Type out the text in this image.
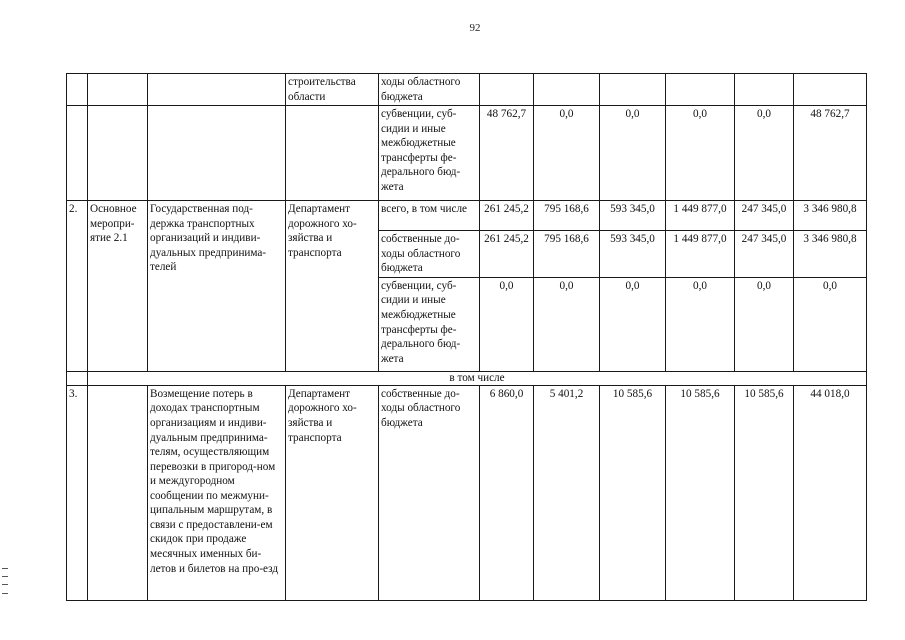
92
			строительства области	ходы областного бюджета						
				субвенции, суб-сидии и иные межбюджетные трансферты фе-дерального бюд-жета	48 762,7	0,0	0,0	0,0	0,0	48 762,7
2.	Основное меропри-ятие 2.1	Государственная под-держка транспортных организаций и индиви-дуальных предпринима-телей	Департамент дорожного хо-зяйства и транспорта	всего, в том числе	261 245,2	795 168,6	593 345,0	1 449 877,0	247 345,0	3 346 980,8
				собственные до-ходы областного бюджета	261 245,2	795 168,6	593 345,0	1 449 877,0	247 345,0	3 346 980,8
				субвенции, суб-сидии и иные межбюджетные трансферты фе-дерального бюд-жета	0,0	0,0	0,0	0,0	0,0	0,0
	в том числе									
3.		Возмещение потерь в доходах транспортным организациям и индиви-дуальным предпринима-телям, осуществляющим перевозки в пригород-ном и междугородном сообщении по межмуни-ципальным маршрутам, в связи с предоставлени-ем скидок при продаже месячных именных би-летов и билетов на про-езд	Департамент дорожного хо-зяйства и транспорта	собственные до-ходы областного бюджета	6 860,0	5 401,2	10 585,6	10 585,6	10 585,6	44 018,0
